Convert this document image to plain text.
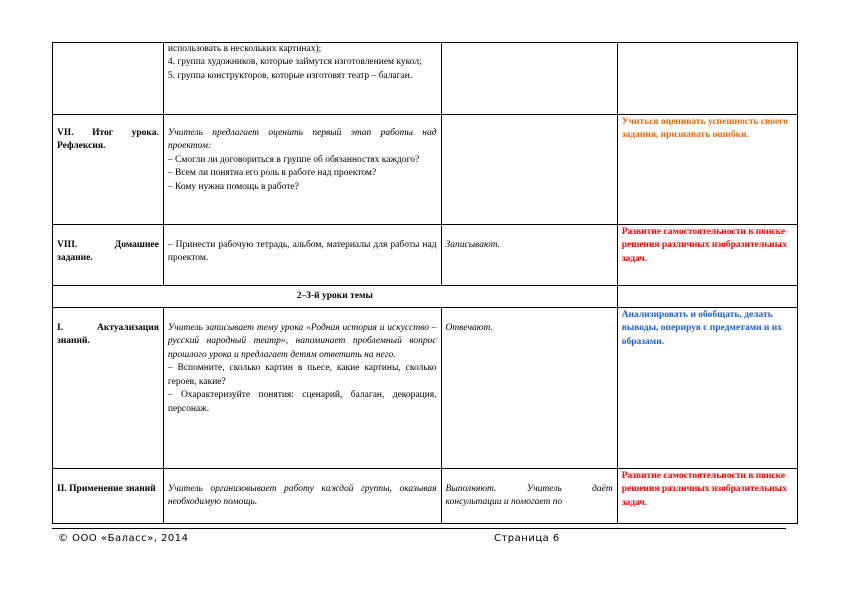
	использовать в нескольких картинах);
4. группа художников, которые займутся изготовлением кукол;
5. группа конструкторов, которые изготовят театр – балаган.		

VII. Итог урока. Рефлексия.	Учитель предлагает оценить первый этап работы над проектом:
– Смогли ли договориться в группе об обязанностях каждого?
– Всем ли понятна его роль в работе над проектом?
– Кому нужна помощь в работе?		Учиться оценивать успешность своего задания, признавать ошибки.
VIII. Домашнее задание.	– Принести рабочую тетрадь, альбом, материалы для работы над проектом.	Записывают.	Развитие самостоятельности в поиске решения различных изобразительных задач.
2–3-й уроки темы			
I. Актуализация знаний.	Учитель записывает тему урока «Родная история и искусство – русский народный театр», напоминает проблемный вопрос прошлого урока и предлагает детям ответить на него.
– Вспомните, сколько картин в пьесе, какие картины, сколько героев, какие?
– Охарактеризуйте понятия: сценарий, балаган, декорация, персонаж.	Отвечают.	Анализировать и обобщать, делать выводы, оперируя с предметами и их образами.
II. Применение знаний	Учитель организовывает работу каждой группы, оказывая необходимую помощь.	Выполняют. Учитель даёт консультации и помогает по	Развитие самостоятельности в поиске решения различных изобразительных задач.
© ООО «Баласс», 2014	Страница 6
